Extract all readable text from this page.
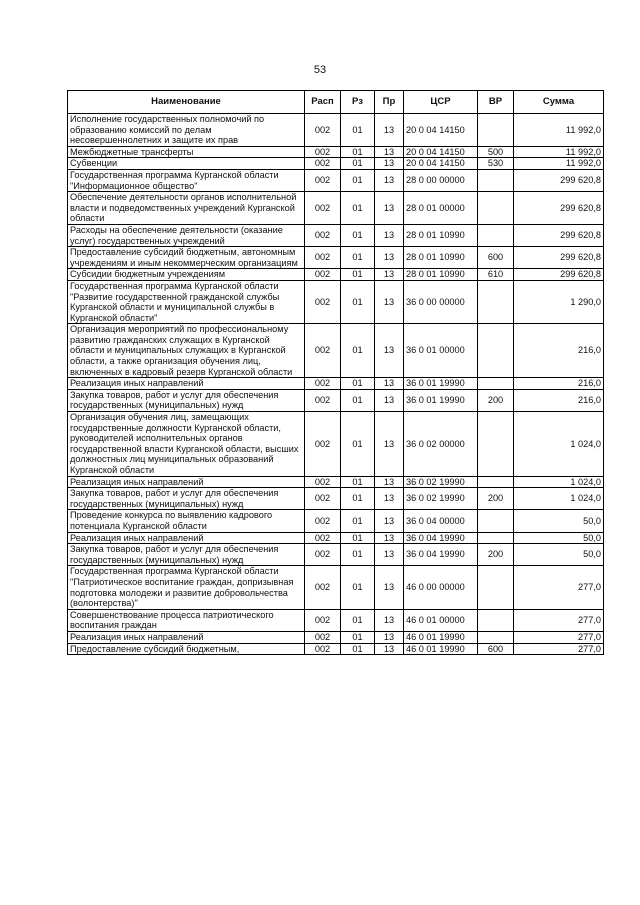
53
Наименование	Расп	Рз	Пр	ЦСР	ВР	Сумма
Исполнение государственных полномочий по образованию комиссий по делам несовершеннолетних и защите их прав	002	01	13	20 0 04 14150		11 992,0
Межбюджетные трансферты	002	01	13	20 0 04 14150	500	11 992,0
Субвенции	002	01	13	20 0 04 14150	530	11 992,0
Государственная программа Курганской области "Информационное общество"	002	01	13	28 0 00 00000		299 620,8
Обеспечение деятельности органов исполнительной власти и подведомственных учреждений Курганской области	002	01	13	28 0 01 00000		299 620,8
Расходы на обеспечение деятельности (оказание услуг) государственных учреждений	002	01	13	28 0 01 10990		299 620,8
Предоставление субсидий бюджетным, автономным учреждениям и иным некоммерческим организациям	002	01	13	28 0 01 10990	600	299 620,8
Субсидии бюджетным учреждениям	002	01	13	28 0 01 10990	610	299 620,8
Государственная программа Курганской области "Развитие государственной гражданской службы Курганской области и муниципальной службы в Курганской области"	002	01	13	36 0 00 00000		1 290,0
Организация мероприятий по профессиональному развитию гражданских служащих в Курганской области и муниципальных служащих в Курганской области, а также организация обучения лиц, включенных в кадровый резерв Курганской области	002	01	13	36 0 01 00000		216,0
Реализация иных направлений	002	01	13	36 0 01 19990		216,0
Закупка товаров, работ и услуг для обеспечения государственных (муниципальных) нужд	002	01	13	36 0 01 19990	200	216,0
Организация обучения лиц, замещающих государственные должности Курганской области, руководителей исполнительных органов государственной власти Курганской области, высших должностных лиц муниципальных образований Курганской области	002	01	13	36 0 02 00000		1 024,0
Реализация иных направлений	002	01	13	36 0 02 19990		1 024,0
Закупка товаров, работ и услуг для обеспечения государственных (муниципальных) нужд	002	01	13	36 0 02 19990	200	1 024,0
Проведение конкурса по выявлению кадрового потенциала Курганской области	002	01	13	36 0 04 00000		50,0
Реализация иных направлений	002	01	13	36 0 04 19990		50,0
Закупка товаров, работ и услуг для обеспечения государственных (муниципальных) нужд	002	01	13	36 0 04 19990	200	50,0
Государственная программа Курганской области "Патриотическое воспитание граждан, допризывная подготовка молодежи и развитие добровольчества (волонтерства)"	002	01	13	46 0 00 00000		277,0
Совершенствование процесса патриотического воспитания граждан	002	01	13	46 0 01 00000		277,0
Реализация иных направлений	002	01	13	46 0 01 19990		277,0
Предоставление субсидий бюджетным,	002	01	13	46 0 01 19990	600	277,0
